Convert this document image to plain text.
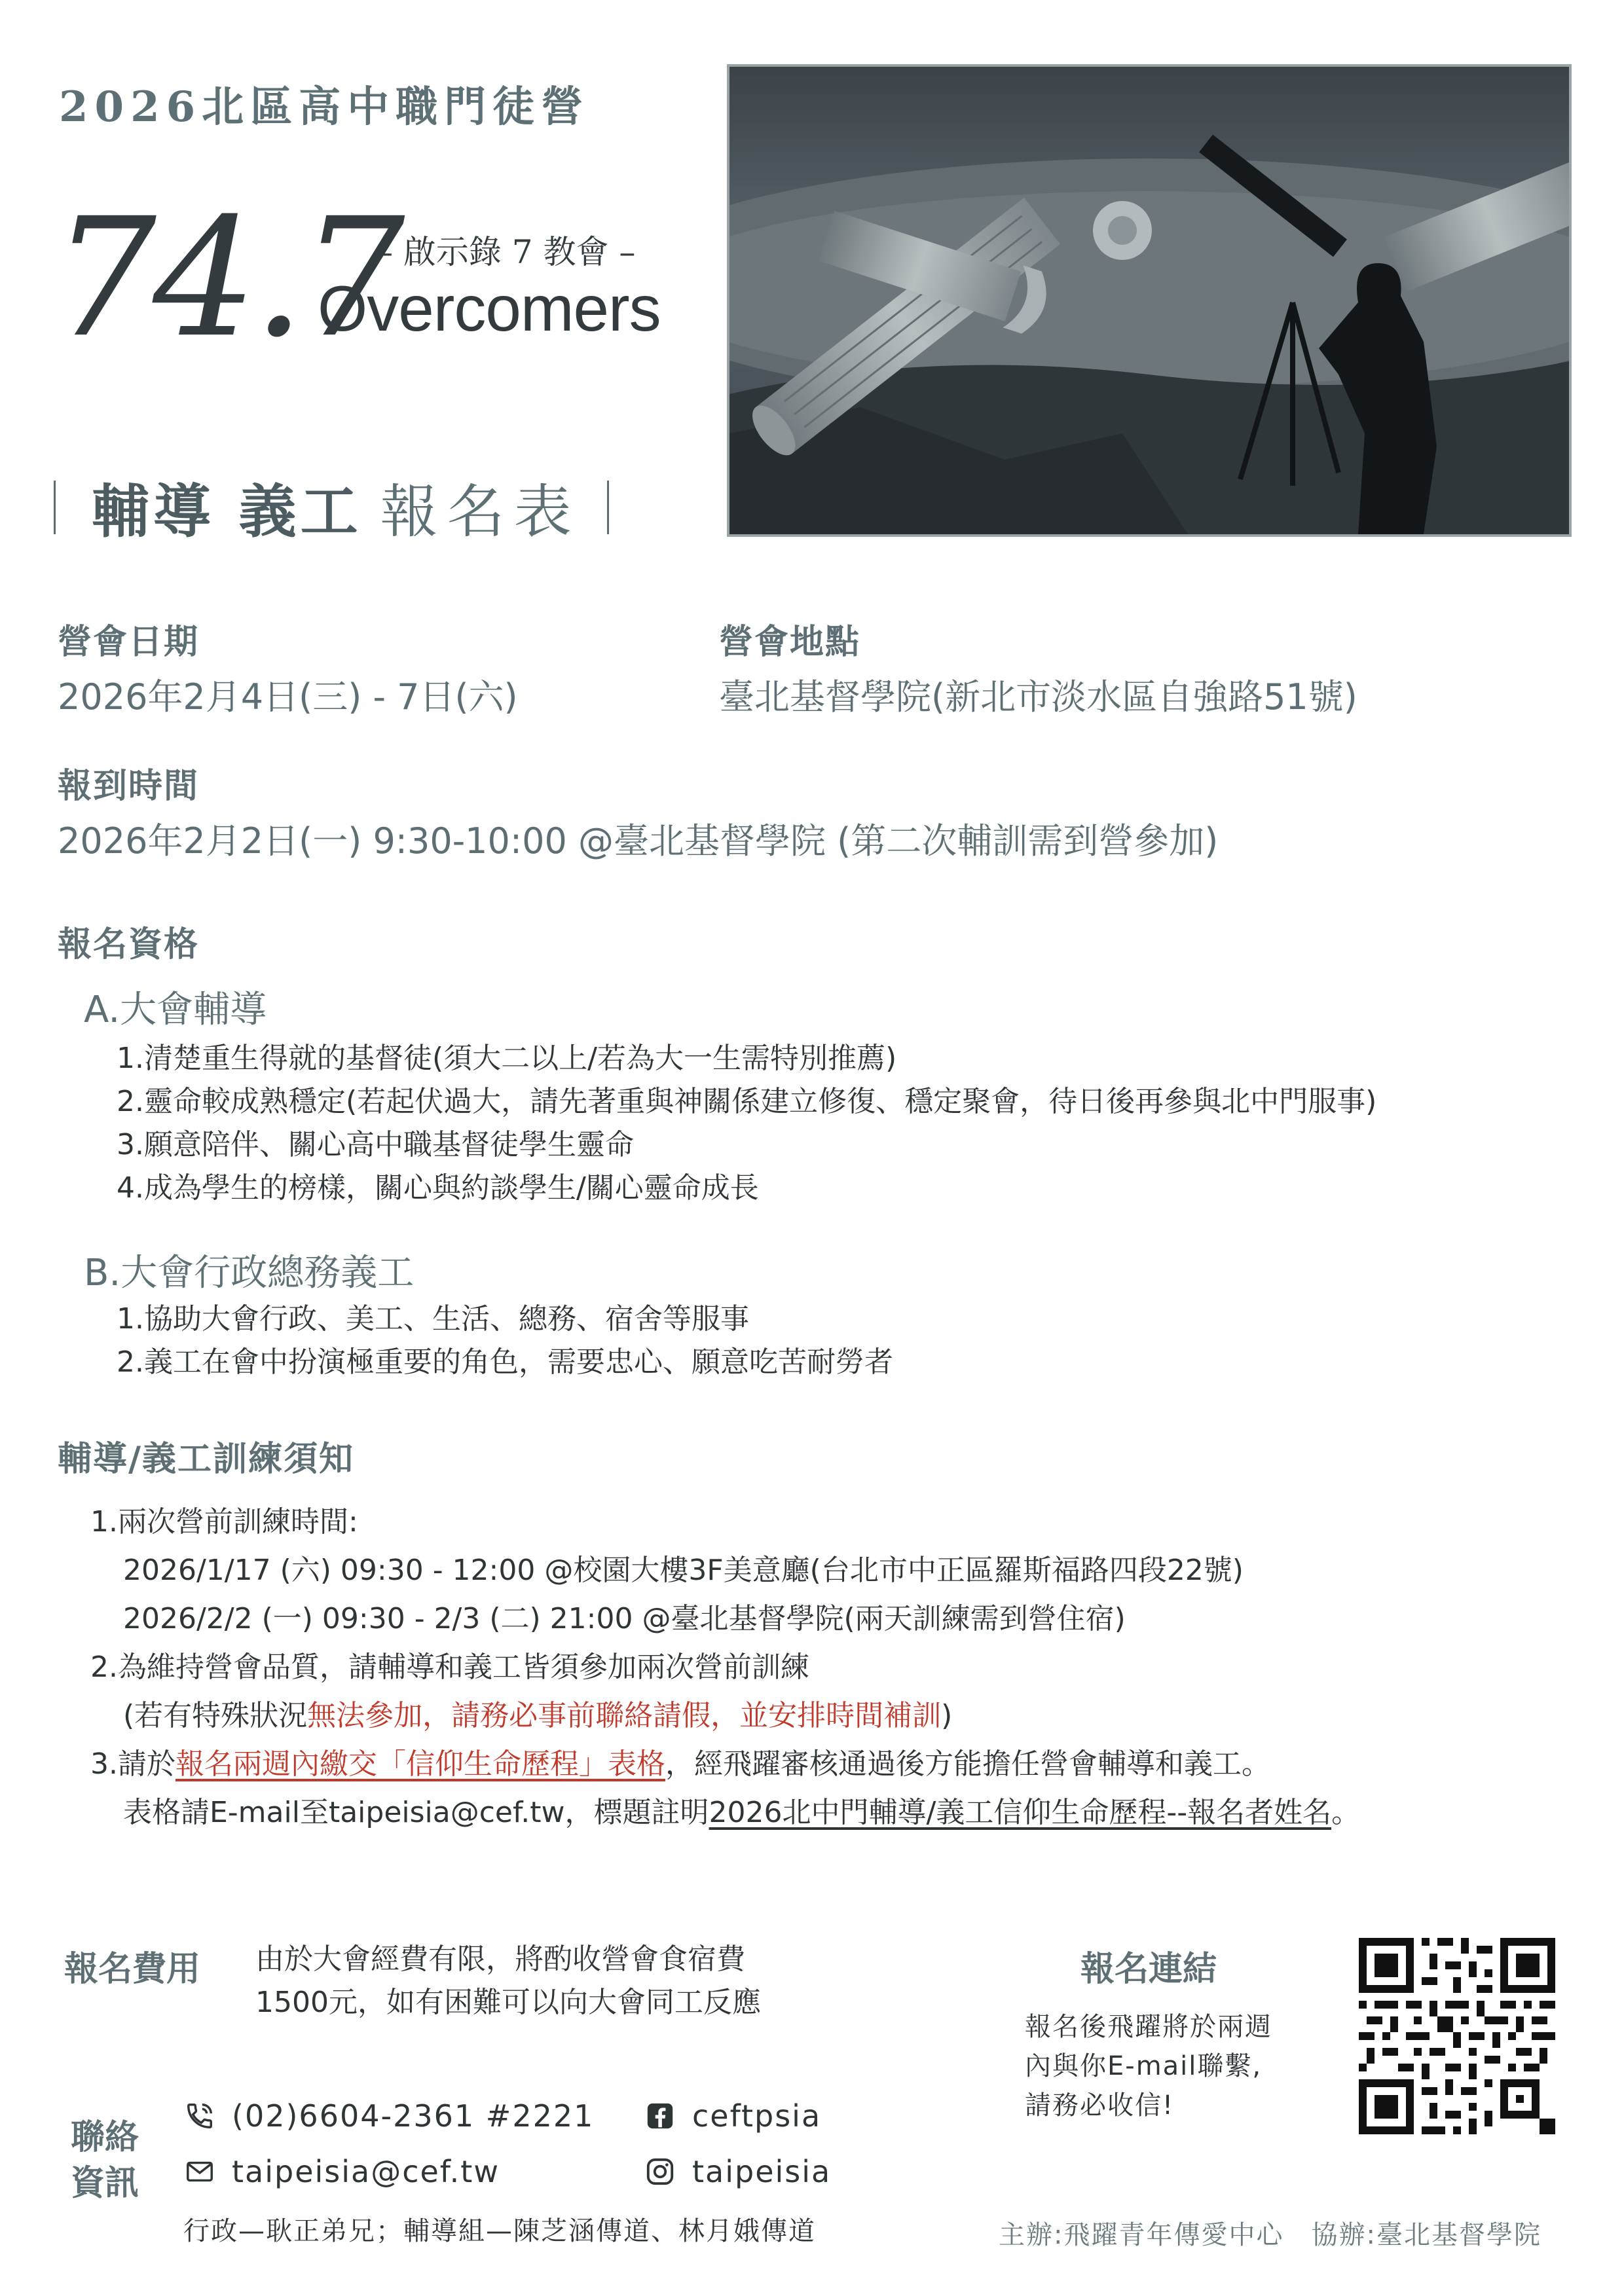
2026北區高中職門徒營
74.7
– 啟示錄 7 教會 –
Overcomers
輔導 義工 報名表
營會日期
2026年2月4日(三) - 7日(六)
營會地點
臺北基督學院(新北市淡水區自強路51號)
報到時間
2026年2月2日(一) 9:30-10:00 @臺北基督學院 (第二次輔訓需到營參加)
報名資格
A.大會輔導
1.清楚重生得就的基督徒(須大二以上/若為大一生需特別推薦)
2.靈命較成熟穩定(若起伏過大，請先著重與神關係建立修復、穩定聚會，待日後再參與北中門服事)
3.願意陪伴、關心高中職基督徒學生靈命
4.成為學生的榜樣，關心與約談學生/關心靈命成長
B.大會行政總務義工
1.協助大會行政、美工、生活、總務、宿舍等服事
2.義工在會中扮演極重要的角色，需要忠心、願意吃苦耐勞者
輔導/義工訓練須知
1.兩次營前訓練時間:
2026/1/17 (六) 09:30 - 12:00 @校園大樓3F美意廳(台北市中正區羅斯福路四段22號)
2026/2/2 (一) 09:30 - 2/3 (二) 21:00 @臺北基督學院(兩天訓練需到營住宿)
2.為維持營會品質，請輔導和義工皆須參加兩次營前訓練
(若有特殊狀況無法參加，請務必事前聯絡請假，並安排時間補訓)
3.請於報名兩週內繳交「信仰生命歷程」表格，經飛躍審核通過後方能擔任營會輔導和義工。
表格請E-mail至taipeisia@cef.tw，標題註明2026北中門輔導/義工信仰生命歷程--報名者姓名。
報名費用 由於大會經費有限，將酌收營會食宿費
1500元，如有困難可以向大會同工反應
報名連結
報名後飛躍將於兩週
內與你E-mail聯繫,
請務必收信!
聯絡
資訊
(02)6604-2361 #2221
taipeisia@cef.tw
ceftpsia
taipeisia
行政—耿正弟兄；輔導組—陳芝涵傳道、林月娥傳道	主辦:飛躍青年傳愛中心　協辦:臺北基督學院
